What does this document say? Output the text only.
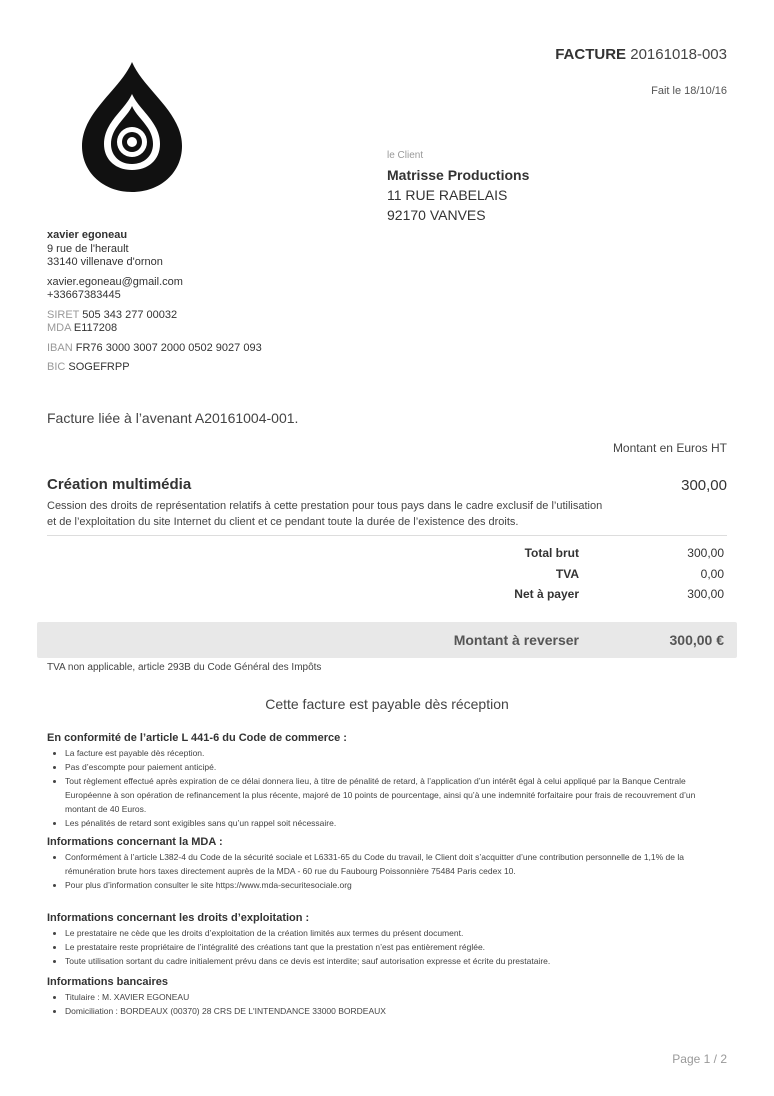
FACTURE 20161018-003
Fait le 18/10/16
le Client
Matrisse Productions
11 RUE RABELAIS
92170 VANVES
xavier egoneau
9 rue de l'herault
33140 villenave d'ornon
xavier.egoneau@gmail.com
+33667383445
SIRET 505 343 277 00032
MDA E117208
IBAN FR76 3000 3007 2000 0502 9027 093
BIC SOGEFRPP
Facture liée à l’avenant A20161004-001.
Montant en Euros HT
Création multimédia	300,00
Cession des droits de représentation relatifs à cette prestation pour tous pays dans le cadre exclusif de l’utilisation
et de l’exploitation du site Internet du client et ce pendant toute la durée de l’existence des droits.
Total brut	300,00
TVA	0,00
Net à payer	300,00
Montant à reverser	300,00 €
TVA non applicable, article 293B du Code Général des Impôts
Cette facture est payable dès réception
En conformité de l’article L 441-6 du Code de commerce :
• La facture est payable dès réception.
• Pas d’escompte pour paiement anticipé.
• Tout règlement effectué après expiration de ce délai donnera lieu, à titre de pénalité de retard, à l’application d’un intérêt égal à celui appliqué par la Banque Centrale Européenne à son opération de refinancement la plus récente, majoré de 10 points de pourcentage, ainsi qu’à une indemnité forfaitaire pour frais de recouvrement d’un montant de 40 Euros.
• Les pénalités de retard sont exigibles sans qu’un rappel soit nécessaire.
Informations concernant la MDA :
• Conformément à l’article L382-4 du Code de la sécurité sociale et L6331-65 du Code du travail, le Client doit s’acquitter d’une contribution personnelle de 1,1% de la rémunération brute hors taxes directement auprès de la MDA - 60 rue du Faubourg Poissonnière 75484 Paris cedex 10.
• Pour plus d’information consulter le site https://www.mda-securitesociale.org
Informations concernant les droits d’exploitation :
• Le prestataire ne cède que les droits d’exploitation de la création limités aux termes du présent document.
• Le prestataire reste propriétaire de l’intégralité des créations tant que la prestation n’est pas entièrement réglée.
• Toute utilisation sortant du cadre initialement prévu dans ce devis est interdite; sauf autorisation expresse et écrite du prestataire.
Informations bancaires
• Titulaire : M. XAVIER EGONEAU
• Domiciliation : BORDEAUX (00370) 28 CRS DE L'INTENDANCE 33000 BORDEAUX
Page 1 / 2
